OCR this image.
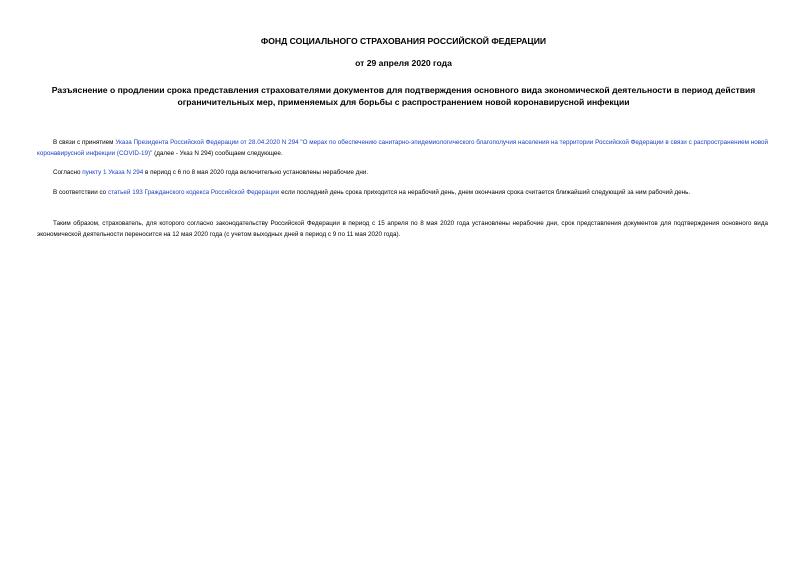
ФОНД СОЦИАЛЬНОГО СТРАХОВАНИЯ РОССИЙСКОЙ ФЕДЕРАЦИИ
от 29 апреля 2020 года
Разъяснение о продлении срока представления страхователями документов для подтверждения основного вида экономической деятельности в период действия ограничительных мер, применяемых для борьбы с распространением новой коронавирусной инфекции

В связи с принятием Указа Президента Российской Федерации от 28.04.2020 N 294 "О мерах по обеспечению санитарно-эпидемиологического благополучия населения на территории Российской Федерации в связи с распространением новой коронавирусной инфекции (COVID-19)" (далее - Указ N 294) сообщаем следующее.

Согласно пункту 1 Указа N 294 в период с 6 по 8 мая 2020 года включительно установлены нерабочие дни.

В соответствии со статьей 193 Гражданского кодекса Российской Федерации если последний день срока приходится на нерабочий день, днем окончания срока считается ближайший следующий за ним рабочий день.

Таким образом, страхователь, для которого согласно законодательству Российской Федерации в период с 15 апреля по 8 мая 2020 года установлены нерабочие дни, срок представления документов для подтверждения основного вида экономической деятельности переносится на 12 мая 2020 года (с учетом выходных дней в период с 9 по 11 мая 2020 года).
